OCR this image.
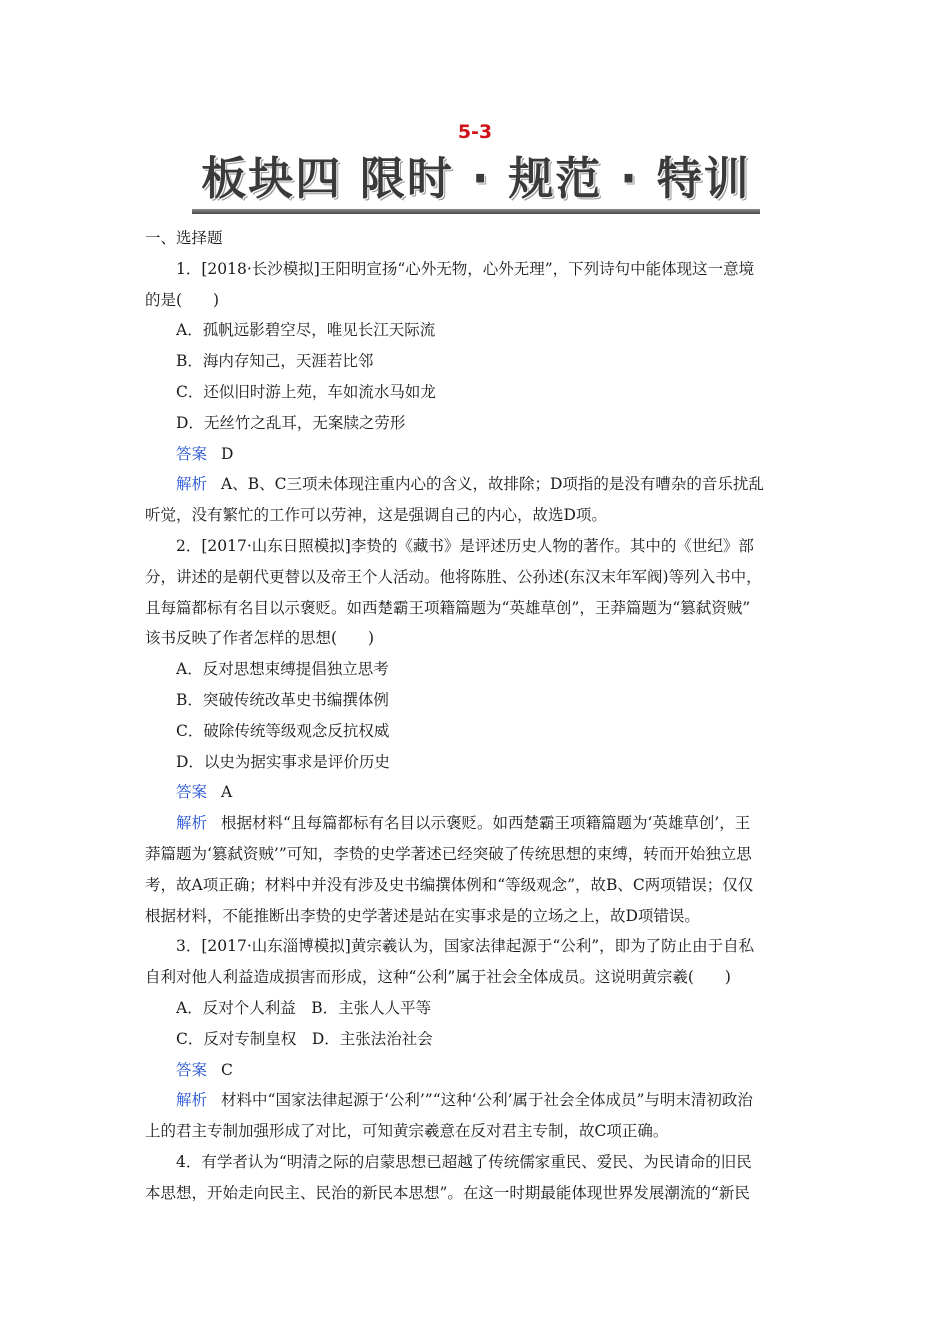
5-3
板块四 限时 · 规范 · 特训
一、选择题
1．[2018·长沙模拟]王阳明宣扬“心外无物，心外无理”，下列诗句中能体现这一意境
的是(　　)
A．孤帆远影碧空尽，唯见长江天际流
B．海内存知己，天涯若比邻
C．还似旧时游上苑，车如流水马如龙
D．无丝竹之乱耳，无案牍之劳形
答案 D
解析 A、B、C三项未体现注重内心的含义，故排除；D项指的是没有嘈杂的音乐扰乱
听觉，没有繁忙的工作可以劳神，这是强调自己的内心，故选D项。
2．[2017·山东日照模拟]李贽的《藏书》是评述历史人物的著作。其中的《世纪》部
分，讲述的是朝代更替以及帝王个人活动。他将陈胜、公孙述(东汉末年军阀)等列入书中，
且每篇都标有名目以示褒贬。如西楚霸王项籍篇题为“英雄草创”，王莽篇题为“篡弑资贼”
该书反映了作者怎样的思想(　　)
A．反对思想束缚提倡独立思考
B．突破传统改革史书编撰体例
C．破除传统等级观念反抗权威
D．以史为据实事求是评价历史
答案 A
解析 根据材料“且每篇都标有名目以示褒贬。如西楚霸王项籍篇题为‘英雄草创’，王
莽篇题为‘篡弑资贼’”可知，李贽的史学著述已经突破了传统思想的束缚，转而开始独立思
考，故A项正确；材料中并没有涉及史书编撰体例和“等级观念”，故B、C两项错误；仅仅
根据材料，不能推断出李贽的史学著述是站在实事求是的立场之上，故D项错误。
3．[2017·山东淄博模拟]黄宗羲认为，国家法律起源于“公利”，即为了防止由于自私
自利对他人利益造成损害而形成，这种“公利”属于社会全体成员。这说明黄宗羲(　　)
A．反对个人利益　B．主张人人平等
C．反对专制皇权　D．主张法治社会
答案 C
解析 材料中“国家法律起源于‘公利’”“这种‘公利’属于社会全体成员”与明末清初政治
上的君主专制加强形成了对比，可知黄宗羲意在反对君主专制，故C项正确。
4．有学者认为“明清之际的启蒙思想已超越了传统儒家重民、爱民、为民请命的旧民
本思想，开始走向民主、民治的新民本思想”。在这一时期最能体现世界发展潮流的“新民
